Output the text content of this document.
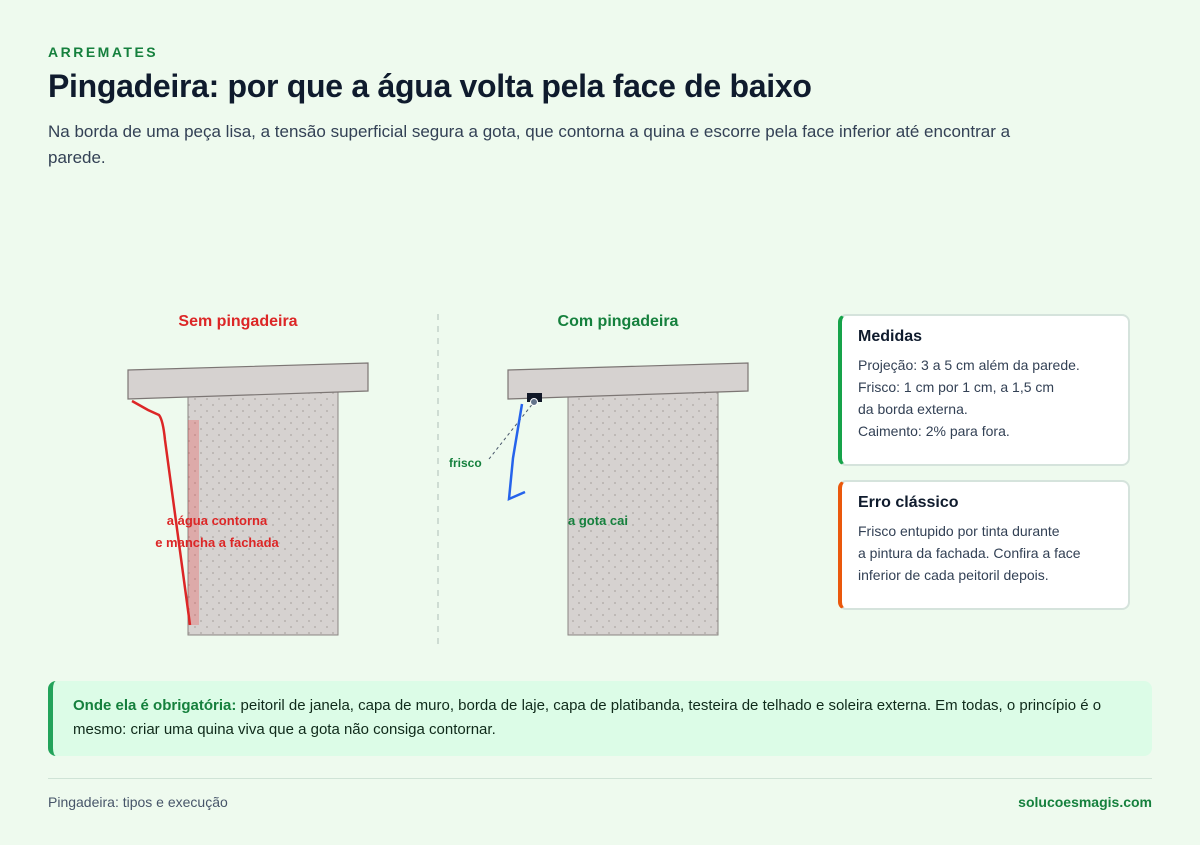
ARREMATES
Pingadeira: por que a água volta pela face de baixo

Na borda de uma peça lisa, a tensão superficial segura a gota, que contorna a quina e escorre pela face inferior até encontrar a parede.

Sem pingadeira
a água contorna
e mancha a fachada
Com pingadeira
frisco
a gota cai
Medidas
Projeção: 3 a 5 cm além da parede.
Frisco: 1 cm por 1 cm, a 1,5 cm
da borda externa.
Caimento: 2% para fora.
Erro clássico
Frisco entupido por tinta durante
a pintura da fachada. Confira a face
inferior de cada peitoril depois.
Onde ela é obrigatória: peitoril de janela, capa de muro, borda de laje, capa de platibanda, testeira de telhado e soleira externa. Em todas, o princípio é o mesmo: criar uma quina viva que a gota não consiga contornar.
Pingadeira: tipos e execução	solucoesmagis.com
